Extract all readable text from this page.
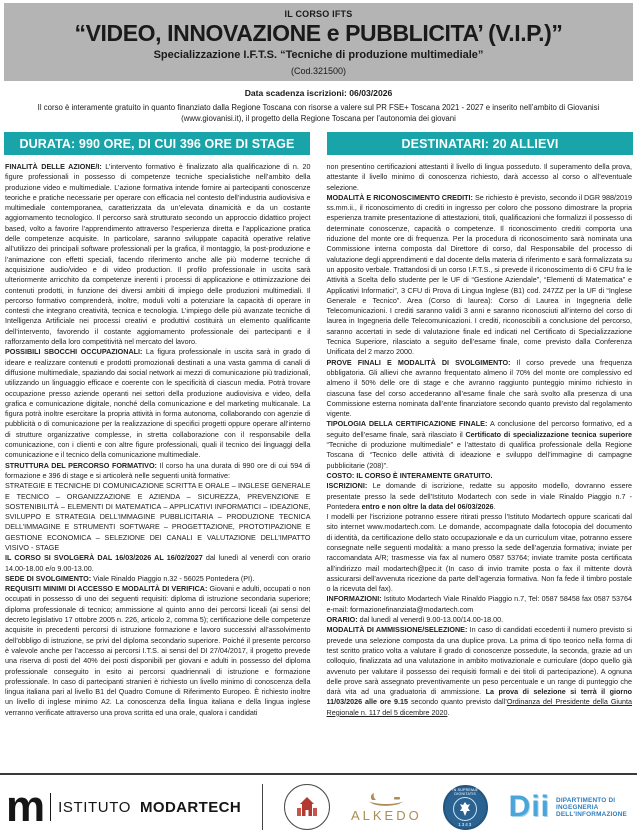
IL CORSO IFTS
“VIDEO, INNOVAZIONE e PUBBLICITA’ (V.I.P.)”
Specializzazione I.F.T.S. “Tecniche di produzione multimediale”
(Cod.321500)
Data scadenza iscrizioni: 06/03/2026
Il corso è interamente gratuito in quanto finanziato dalla Regione Toscana con risorse a valere sul PR FSE+ Toscana 2021 - 2027 e inserito nell’ambito di Giovanisi (www.giovanisi.it), il progetto della Regione Toscana per l’autonomia dei giovani
DURATA: 990 ORE, DI CUI 396 ORE DI STAGE	DESTINATARI: 20 ALLIEVI

FINALITÀ DELLE AZIONE/I: L’intervento formativo è finalizzato alla qualificazione di n. 20 figure professionali in possesso di competenze tecniche specialistiche nell’ambito della produzione video e multimediale. L’azione formativa intende fornire ai partecipanti conoscenze teoriche e pratiche necessarie per operare con efficacia nel contesto dell’industria audiovisiva e multimediale contemporanea, caratterizzata da un’elevata dinamicità e da un costante aggiornamento tecnologico. Il percorso sarà strutturato secondo un approccio didattico project based, volto a favorire l’apprendimento attraverso l’esperienza diretta e l’applicazione pratica delle competenze acquisite. In particolare, saranno sviluppate capacità operative relative all’utilizzo dei principali software professionali per la grafica, il montaggio, la post-produzione e l’animazione con effetti speciali, facendo riferimento anche alle più moderne tecniche di acquisizione audio/video e di video production. Il profilo professionale in uscita sarà ulteriormente arricchito da competenze inerenti i processi di applicazione e ottimizzazione dei contenuti prodotti, in funzione dei diversi ambiti di impiego delle produzioni multimediali. Il percorso formativo comprenderà, inoltre, moduli volti a potenziare la capacità di operare in contesti che integrano creatività, tecnica e tecnologia. L’impiego delle più avanzate tecniche di Intelligenza Artificiale nei processi creativi e produttivi costituirà un elemento qualificante dell’intervento, favorendo il costante aggiornamento professionale dei partecipanti e il rafforzamento della loro competitività nel mercato del lavoro.

POSSIBILI SBOCCHI OCCUPAZIONALI: La figura professionale in uscita sarà in grado di ideare e realizzare contenuti e prodotti promozionali destinati a una vasta gamma di canali di diffusione multimediale, spaziando dai social network ai mezzi di comunicazione più tradizionali, utilizzando un linguaggio efficace e coerente con le specificità di ciascun media. Potrà trovare occupazione presso aziende operanti nei settori della produzione audiovisiva e video, della grafica e comunicazione digitale, nonché della comunicazione e del marketing multicanale. La figura potrà inoltre esercitare la propria attività in forma autonoma, collaborando con agenzie di pubblicità o di comunicazione per la realizzazione di specifici progetti oppure operare all’interno di strutture organizzative complesse, in stretta collaborazione con il responsabile della comunicazione, con i clienti e con altre figure professionali, quali il tecnico dei linguaggi della comunicazione e il tecnico della comunicazione multimediale.

STRUTTURA DEL PERCORSO FORMATIVO: Il corso ha una durata di 990 ore di cui 594 di formazione e 396 di stage e si articolerà nelle seguenti unità formative:

STRATEGIE E TECNICHE DI COMUNICAZIONE SCRITTA E ORALE – INGLESE GENERALE E TECNICO – ORGANIZZAZIONE E AZIENDA – SICUREZZA, PREVENZIONE E SOSTENIBILITÀ – ELEMENTI DI MATEMATICA – APPLICATIVI INFORMATICI – IDEAZIONE, SVILUPPO E STRATEGIA DELL’IMMAGINE PUBBLICITARIA – PRODUZIONE TECNICA DELL’IMMAGINE E STRUMENTI SOFTWARE – PROGETTAZIONE, PROTOTIPAZIONE E GESTIONE ECONOMICA – SELEZIONE DEI CANALI E VALUTAZIONE DELL’IMPATTO VISIVO - STAGE

IL CORSO SI SVOLGERÀ DAL 16/03/2026 AL 16/02/2027 dal lunedì al venerdì con orario 14.00-18.00 e/o 9.00-13.00.

SEDE DI SVOLGIMENTO: Viale Rinaldo Piaggio n.32 - 56025 Pontedera (PI).

REQUISITI MINIMI DI ACCESSO E MODALITÀ DI VERIFICA: Giovani e adulti, occupati o non occupati in possesso di uno dei seguenti requisiti: diploma di istruzione secondaria superiore; diploma professionale di tecnico; ammissione al quinto anno dei percorsi liceali (ai sensi del decreto legislativo 17 ottobre 2005 n. 226, articolo 2, comma 5); certificazione delle competenze acquisite in precedenti percorsi di istruzione formazione e lavoro successivi all’assolvimento dell’obbligo di istruzione, se privi del diploma secondario superiore. Poiché il presente percorso è valevole anche per l’accesso ai percorsi I.T.S. ai sensi del DI 27/04/2017, il progetto prevede una riserva di posti del 40% dei posti disponibili per giovani e adulti in possesso del diploma professionale conseguito in esito ai percorsi quadriennali di istruzione e formazione professionale. In caso di partecipanti stranieri è richiesto un livello minimo di conoscenza della lingua italiana pari al livello B1 del Quadro Comune di Riferimento Europeo. È richiesto inoltre un livello di inglese minimo A2. La conoscenza della lingua italiana e della lingua inglese verranno verificate attraverso una prova scritta ed una orale, qualora i candidati

non presentino certificazioni attestanti il livello di lingua posseduto. Il superamento della prova, attestante il livello minimo di conoscenza richiesto, darà accesso al corso o all’eventuale selezione.

MODALITÀ E RICONOSCIMENTO CREDITI: Se richiesto è previsto, secondo il DGR 988/2019 ss.mm.ii., il riconoscimento di crediti in ingresso per coloro che possono dimostrare la propria esperienza tramite presentazione di attestazioni, titoli, qualificazioni che formalizzi il possesso di determinate conoscenze, capacità o competenze. Il riconoscimento crediti comporta una riduzione del monte ore di frequenza. Per la procedura di riconoscimento sarà nominata una Commissione interna composta dal Direttore di corso, dal Responsabile del processo di valutazione degli apprendimenti e dal docente della materia di riferimento e sarà formalizzata su un apposito verbale. Trattandosi di un corso I.F.T.S., si prevede il riconoscimento di 6 CFU fra le Attività a Scelta dello studente per le UF di “Gestione Aziendale”, “Elementi di Matematica” e Applicativi Informatici”, 3 CFU di Prova di Lingua Inglese (B1) cod. 247ZZ per la UF di “Inglese Generale e Tecnico”. Area (Corso di laurea): Corso di Laurea in Ingegneria delle Telecomunicazioni. I crediti saranno validi 3 anni e saranno riconosciuti all’interno del corso di laurea in Ingegneria delle Telecomunicazioni. I crediti, riconoscibili a conclusione del percorso, saranno accertati in sede di valutazione finale ed indicati nel Certificato di Specializzazione Tecnica Superiore, rilasciato a seguito dell’esame finale, come previsto dalla Conferenza Unificata del 2 marzo 2000.

PROVE FINALI E MODALITÀ DI SVOLGIMENTO: Il corso prevede una frequenza obbligatoria. Gli allievi che avranno frequentato almeno il 70% del monte ore complessivo ed almeno il 50% delle ore di stage e che avranno raggiunto punteggio minimo richiesto in ciascuna fase del corso accederanno all’esame finale che sarà svolto alla presenza di una Commissione esterna nominata dall’ente finanziatore secondo quanto previsto dal regolamento vigente.

TIPOLOGIA DELLA CERTIFICAZIONE FINALE: A conclusione del percorso formativo, ed a seguito dell’esame finale, sarà rilasciato il Certificato di specializzazione tecnica superiore “Tecniche di produzione multimediale” e l’attestato di qualifica professionale della Regione Toscana di “Tecnico delle attività di ideazione e sviluppo dell’immagine di campagne pubblicitarie (208)”.

COSTO: IL CORSO È INTERAMENTE GRATUITO.

ISCRIZIONI: Le domande di iscrizione, redatte su apposito modello, dovranno essere presentate presso la sede dell’Istituto Modartech con sede in viale Rinaldo Piaggio n.7 - Pontedera entro e non oltre la data del 06/03/2026.

I modelli per l’iscrizione potranno essere ritirati presso l’Istituto Modartech oppure scaricati dal sito internet www.modartech.com. Le domande, accompagnate dalla fotocopia del documento di identità, da certificazione dello stato occupazionale e da un curriculum vitae, potranno essere consegnate nelle seguenti modalità: a mano presso la sede dell’agenzia formativa; inviate per raccomandata A/R; trasmesse via fax al numero 0587 53764; inviate tramite posta certificata all’indirizzo mail modartech@pec.it (In caso di invio tramite posta o fax il mittente dovrà assicurarsi dell’avvenuta ricezione da parte dell’agenzia formativa. Non fa fede il timbro postale o la ricevuta del fax).

INFORMAZIONI: Istituto Modartech Viale Rinaldo Piaggio n.7, Tel: 0587 58458 fax 0587 53764 e-mail: formazionefinanziata@modartech.com

ORARIO: dal lunedì al venerdì 9.00-13.00/14.00-18.00.

MODALITÀ DI AMMISSIONE/SELEZIONE: In caso di candidati eccedenti il numero previsto si prevede una selezione composta da una duplice prova. La prima di tipo teorico nella forma di test scritto pratico volta a valutare il grado di conoscenze possedute, la seconda, grazie ad un colloquio, finalizzata ad una valutazione in ambito motivazionale e curriculare (dopo quello già avvenuto per valutare il possesso dei requisiti formali e dei titoli di partecipazione). A ognuna delle prove sarà assegnato preventivamente un peso percentuale e un range di punteggio che darà vita ad una graduatoria di ammissione. La prova di selezione si terrà il giorno 11/03/2026 alle ore 9.15 secondo quanto previsto dall’Ordinanza del Presidente della Giunta Regionale n. 117 del 5 dicembre 2020.

m ISTITUTO MODARTECH	ALKEDO
IN SUPREMÆ DIGNITATIS
1343
Dii DIPARTIMENTO DI
INGEGNERIA
DELL'INFORMAZIONE
